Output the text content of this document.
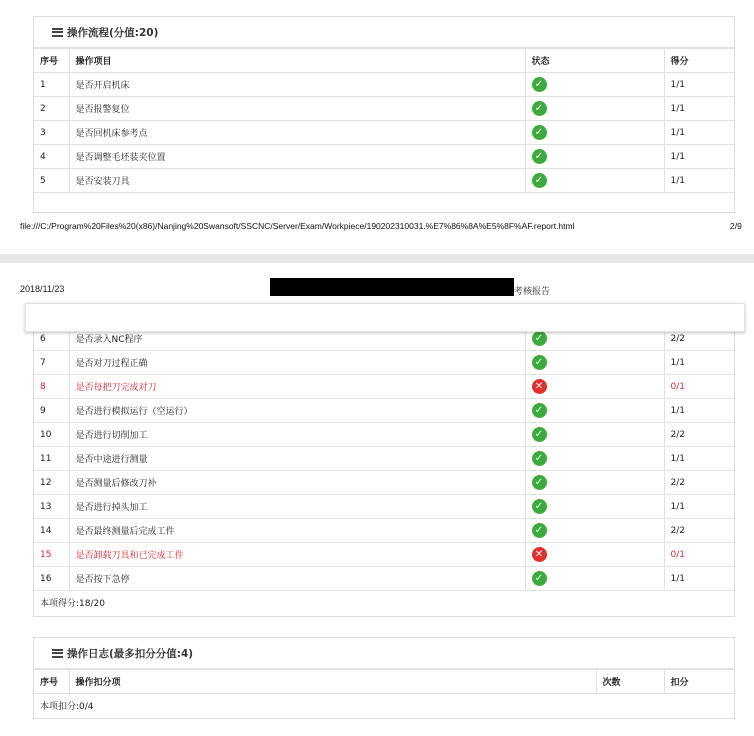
操作流程(分值:20)
序号	操作项目	状态	得分
1	是否开启机床	✓	1/1
2	是否报警复位	✓	1/1
3	是否回机床参考点	✓	1/1
4	是否调整毛坯装夹位置	✓	1/1
5	是否安装刀具	✓	1/1
file:///C:/Program%20Files%20(x86)/Nanjing%20Swansoft/SSCNC/Server/Exam/Workpiece/190202310031.%E7%86%8A%E5%8F%AF.report.html	2/9
2018/11/23	考核报告
6	是否录入NC程序	✓	2/2
7	是否对刀过程正确	✓	1/1
8	是否每把刀完成对刀	✕	0/1
9	是否进行模拟运行（空运行）	✓	1/1
10	是否进行切削加工	✓	2/2
11	是否中途进行测量	✓	1/1
12	是否测量后修改刀补	✓	2/2
13	是否进行掉头加工	✓	1/1
14	是否最终测量后完成工件	✓	2/2
15	是否卸载刀具和已完成工件	✕	0/1
16	是否按下急停	✓	1/1
本项得分:18/20			
操作日志(最多扣分分值:4)
序号	操作扣分项	次数	扣分
本项扣分:0/4
